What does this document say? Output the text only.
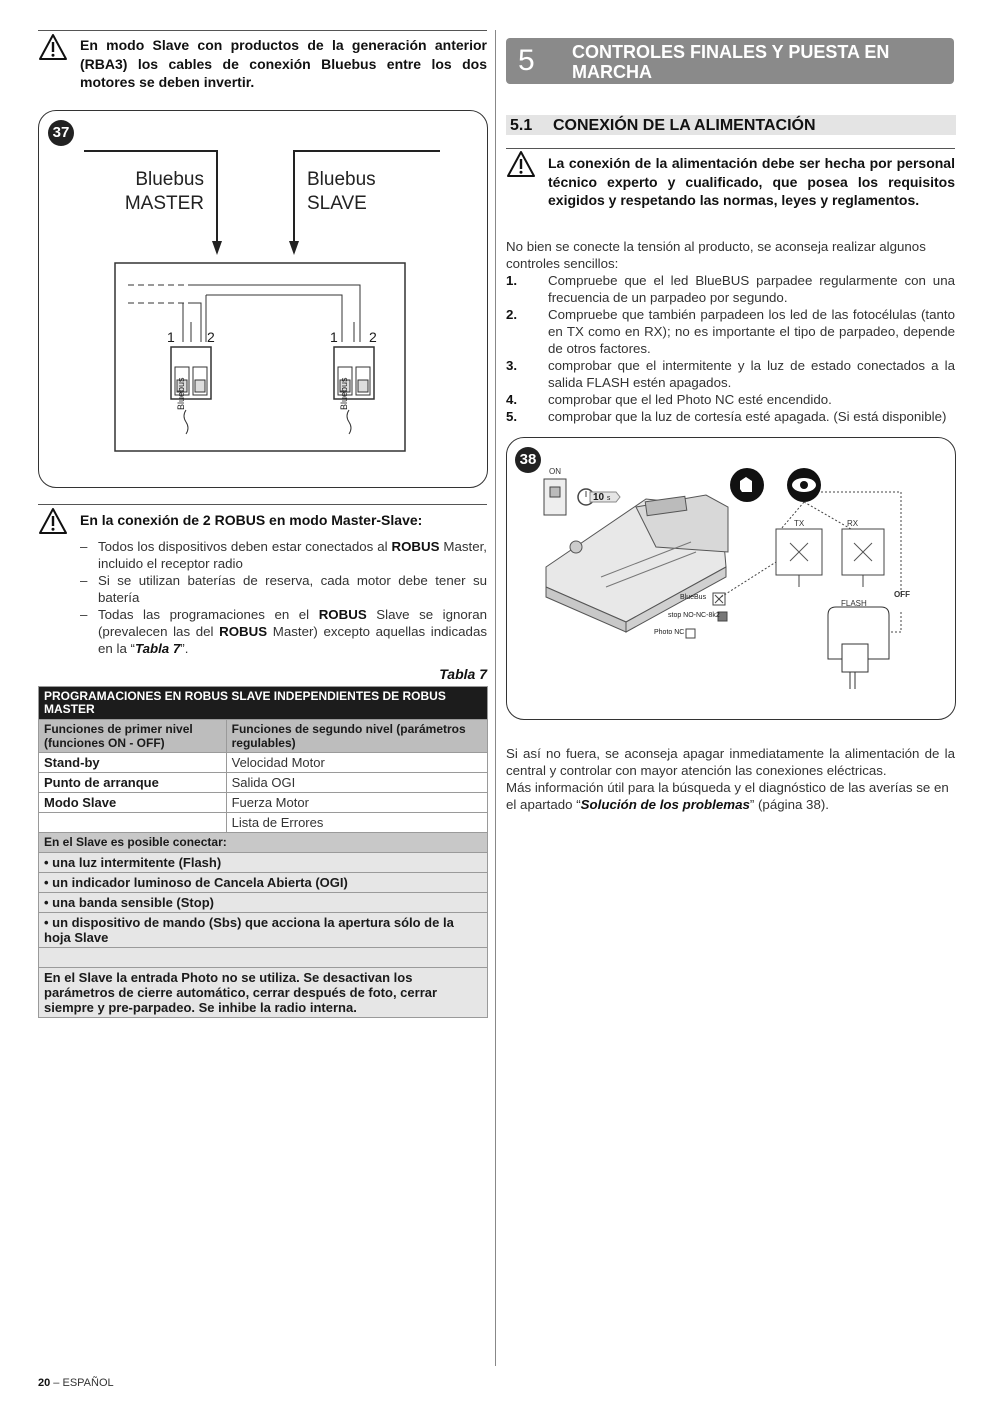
En modo Slave con productos de la generación anterior (RBA3) los cables de conexión Bluebus entre los dos motores se deben invertir.
37
Bluebus
MASTER
Bluebus
SLAVE
1 2	1 2
Bluebus	Bluebus
En la conexión de 2 ROBUS en modo Master-Slave:
– Todos los dispositivos deben estar conectados al ROBUS Master, incluido el receptor radio
– Si se utilizan baterías de reserva, cada motor debe tener su batería
– Todas las programaciones en el ROBUS Slave se ignoran (prevalecen las del ROBUS Master) excepto aquellas indicadas en la “Tabla 7”.
Tabla 7
PROGRAMACIONES EN ROBUS SLAVE INDEPENDIENTES DE ROBUS MASTER	
Funciones de primer nivel (funciones ON - OFF)	Funciones de segundo nivel (parámetros regulables)
Stand-by	Velocidad Motor
Punto de arranque	Salida OGI
Modo Slave	Fuerza Motor
	Lista de Errores
En el Slave es posible conectar:	
• una luz intermitente (Flash)	
• un indicador luminoso de Cancela Abierta (OGI)	
• una banda sensible (Stop)	
• un dispositivo de mando (Sbs) que acciona la apertura sólo de la hoja Slave	

En el Slave la entrada Photo no se utiliza. Se desactivan los parámetros de cierre automático, cerrar después de foto, cerrar siempre y pre-parpadeo. Se inhibe la radio interna.	
5 CONTROLES FINALES Y PUESTA EN
MARCHA
5.1 CONEXIÓN DE LA ALIMENTACIÓN
La conexión de la alimentación debe ser hecha por personal técnico experto y cualificado, que posea los requisitos exigidos y respetando las normas, leyes y reglamentos.
No bien se conecte la tensión al producto, se aconseja realizar algunos controles sencillos:
1. Compruebe que el led BlueBUS parpadee regularmente con una frecuencia de un parpadeo por segundo.
2. Compruebe que también parpadeen los led de las fotocélulas (tanto en TX como en RX); no es importante el tipo de parpadeo, depende de otros factores.
3. comprobar que el intermitente y la luz de estado conectados a la salida FLASH estén apagados.
4. comprobar que el led Photo NC esté encendido.
5. comprobar que la luz de cortesía esté apagada. (Si está disponible)
38
ON
10 s
TX	RX
FLASH
OFF
BlueBus
stop NO-NC-8k2
Photo NC
Si así no fuera, se aconseja apagar inmediatamente la alimentación de la central y controlar con mayor atención las conexiones eléctricas.
Más información útil para la búsqueda y el diagnóstico de las averías se en el apartado “Solución de los problemas” (página 38).
20 – ESPAÑOL
